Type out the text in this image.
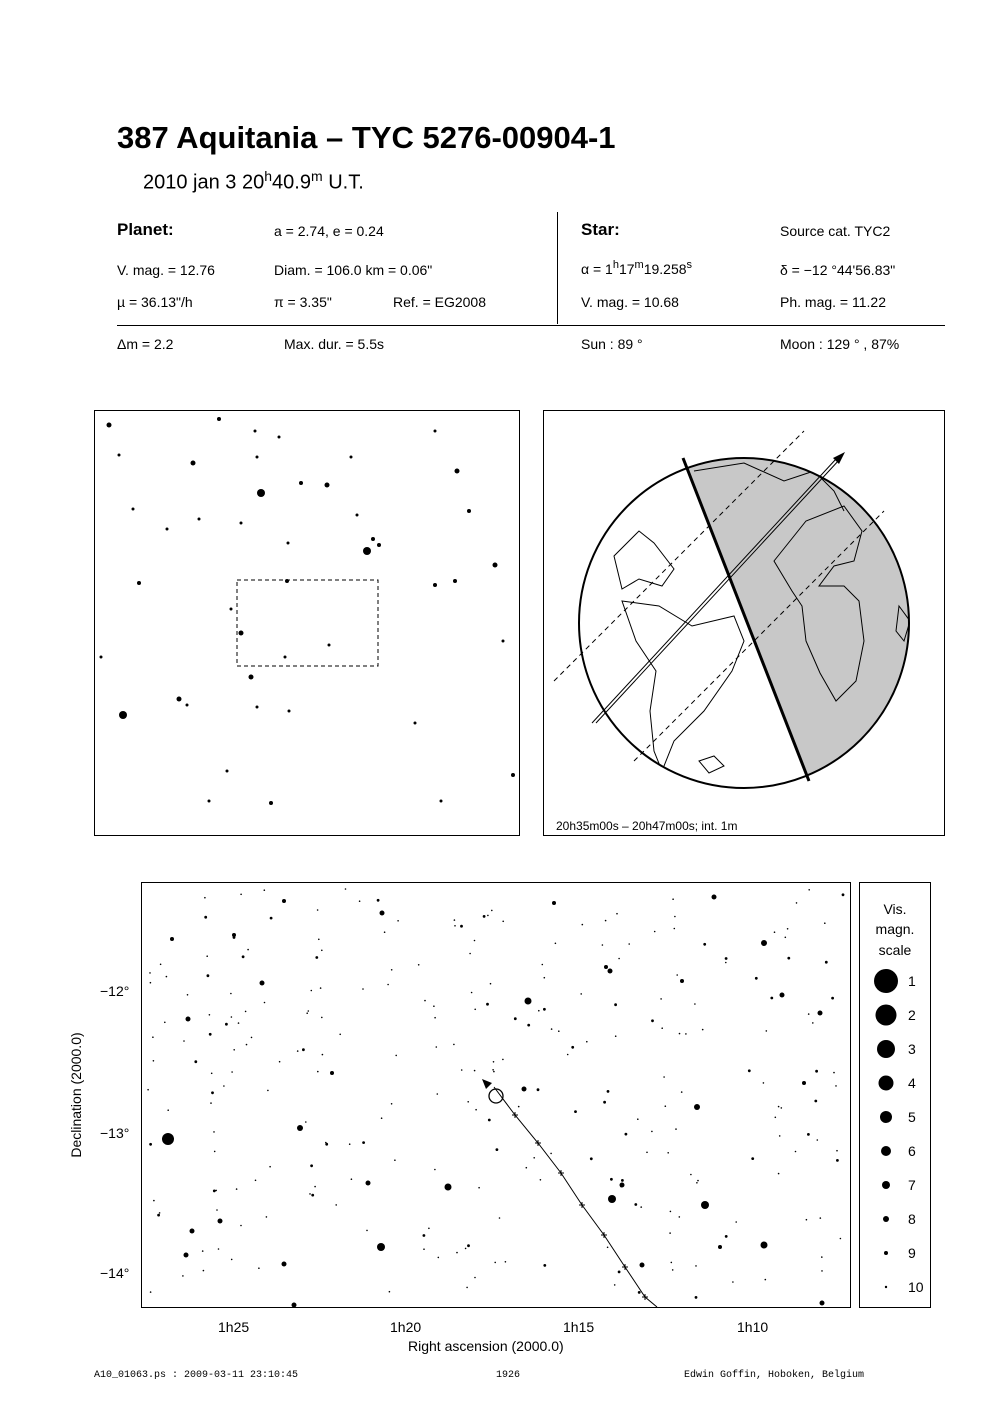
387 Aquitania – TYC 5276-00904-1
2010 jan 3 20$^h$40.9$^m$ U.T.
Planet:	a = 2.74, e = 0.24
V. mag. = 12.76	Diam. = 106.0 km = 0.06"
µ = 36.13"/h	π = 3.35"	Ref. = EG2008
Star:	Source cat. TYC2
$\alpha = 1^h17^m19.258^s$	δ = −12 °44'56.83"
V. mag. = 10.68	Ph. mag. = 11.22
Δm = 2.2	Max. dur. = 5.5s	Sun : 89 °	Moon : 129 ° , 87%
20h35m00s – 20h47m00s; int. 1m
1h25	1h20	1h15	1h10
Right ascension (2000.0)
−12°
−13°
−14°
Declination (2000.0)
Vis.
magn.
scale
1
2
3
4
5
6
7
8
9
10
A10_01063.ps : 2009-03-11 23:10:45	1926	Edwin Goffin, Hoboken, Belgium
